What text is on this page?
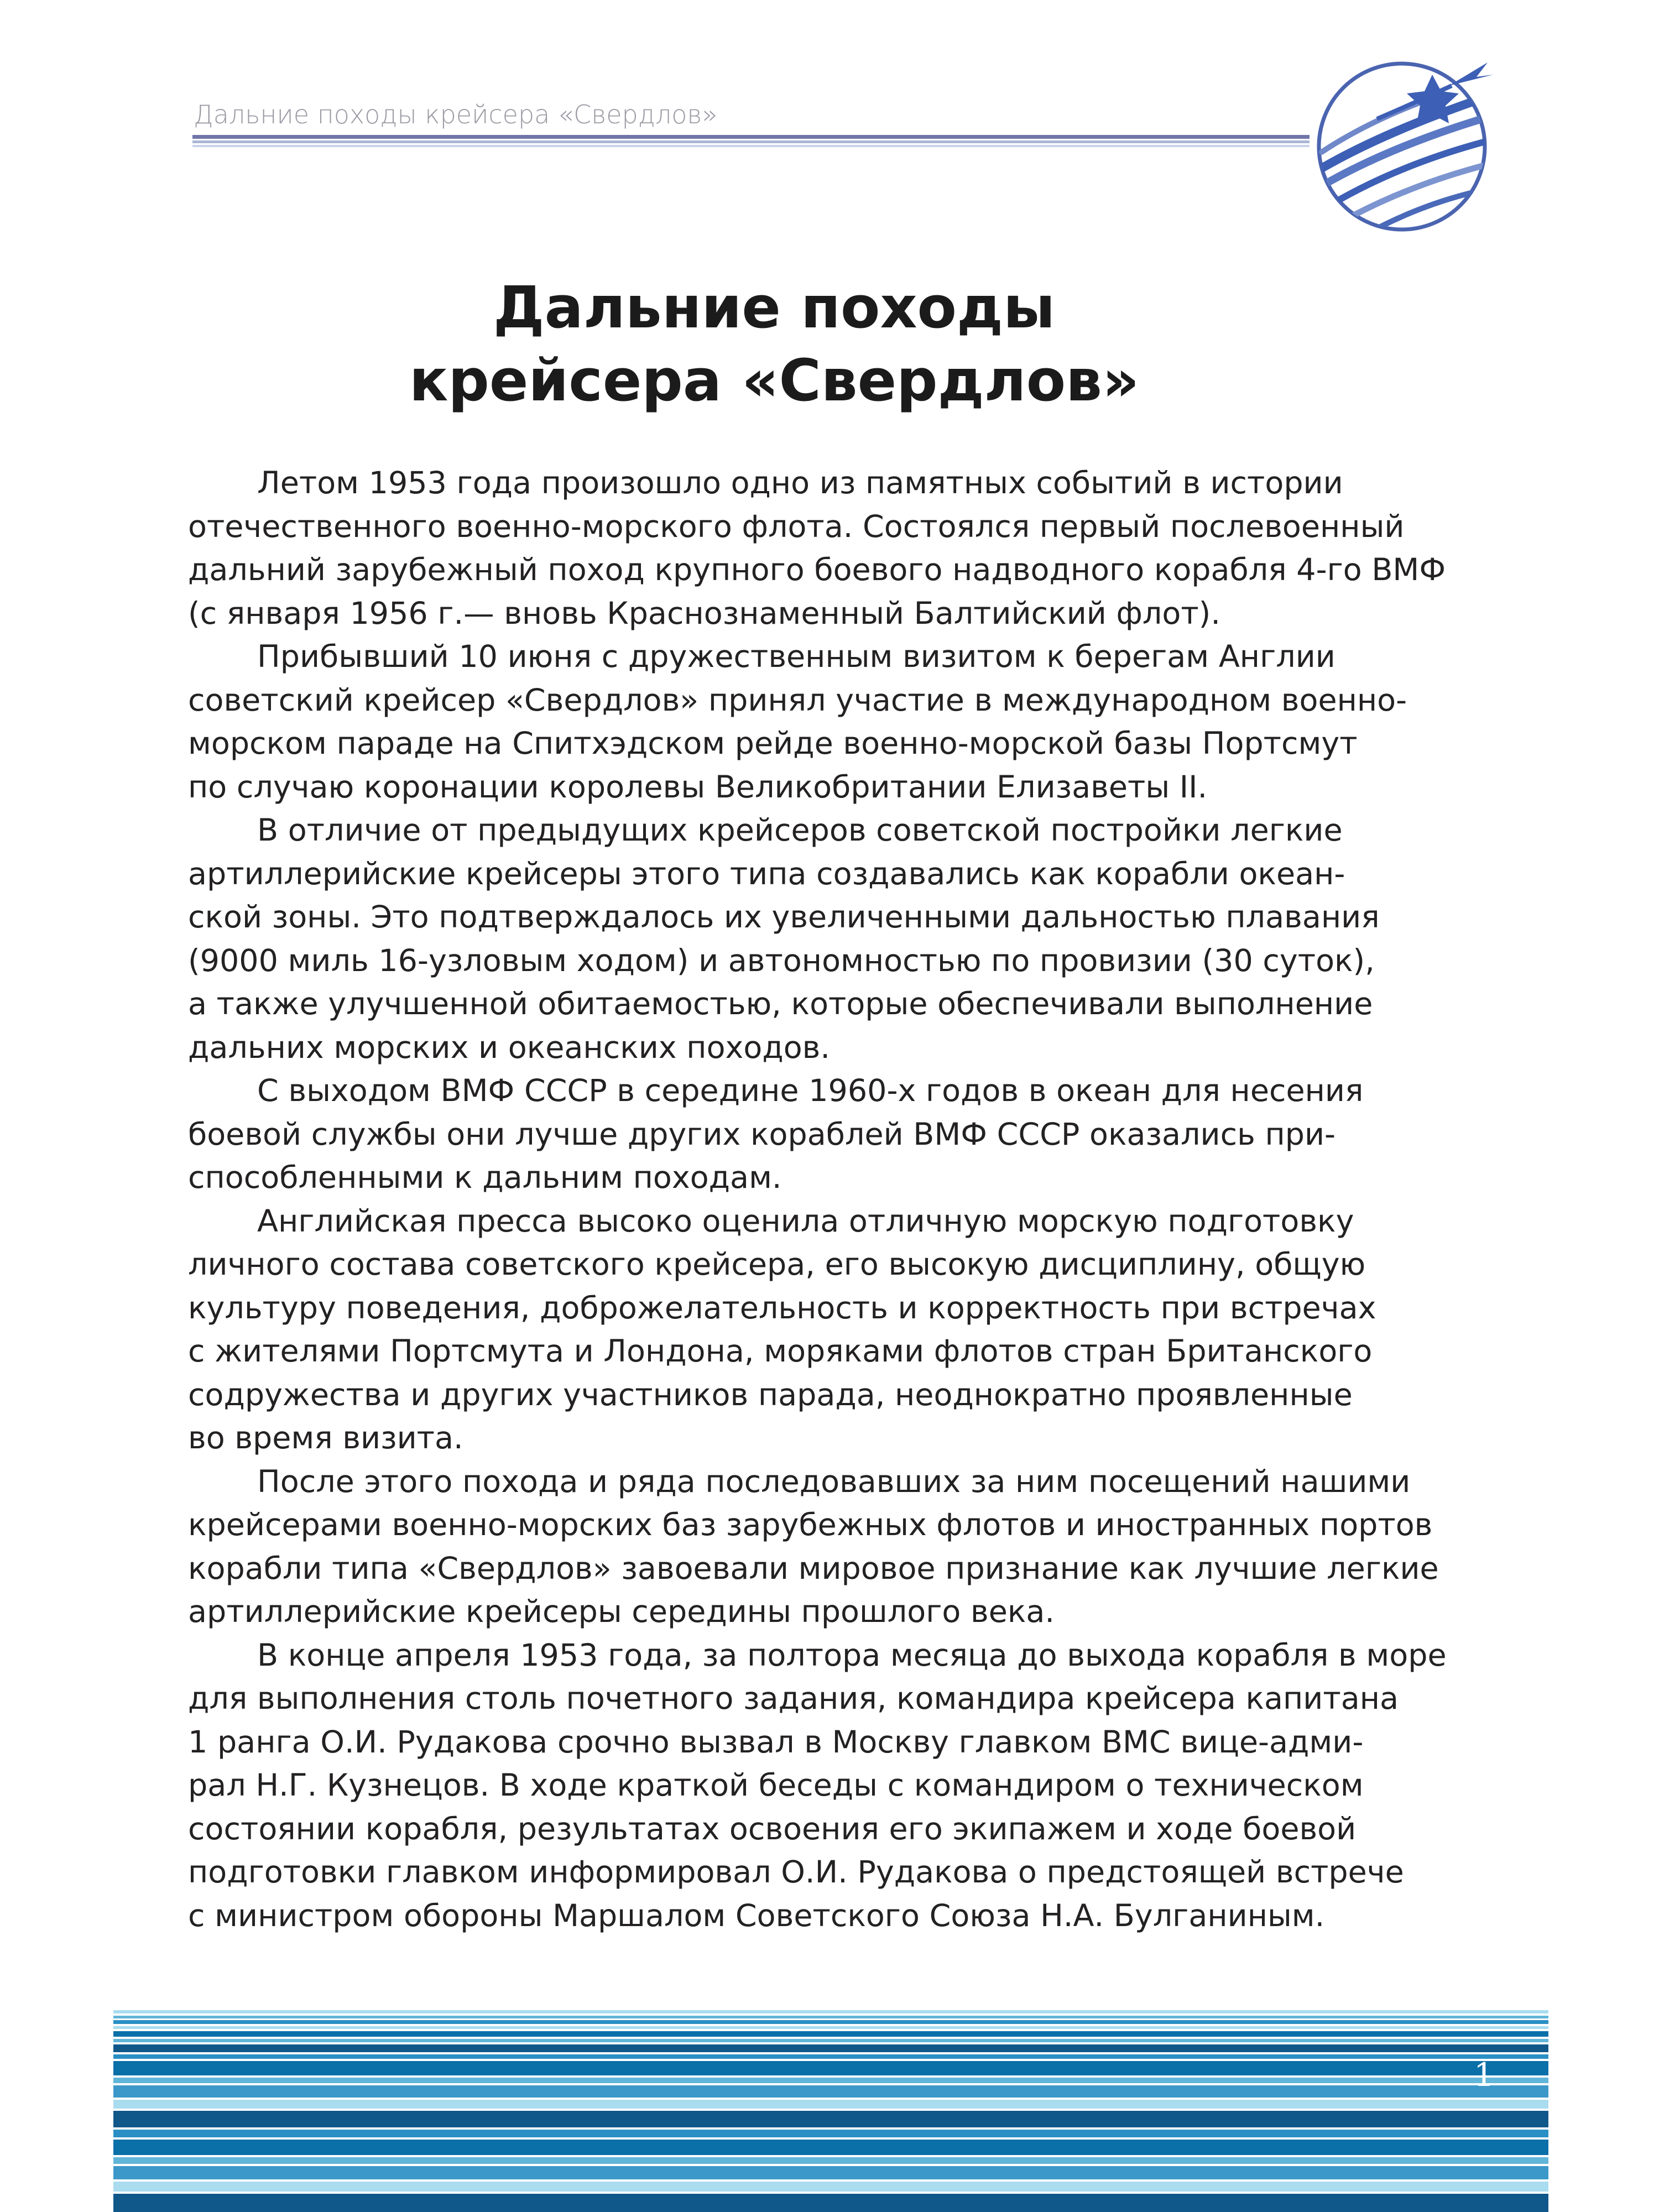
Дальние походы крейсера «Свердлов»
Дальние походы
крейсера «Свердлов»
Летом 1953 года произошло одно из памятных событий в истории
отечественного военно-морского флота. Состоялся первый послевоенный
дальний зарубежный поход крупного боевого надводного корабля 4-го ВМФ
(с января 1956 г.— вновь Краснознаменный Балтийский флот).
Прибывший 10 июня с дружественным визитом к берегам Англии
советский крейсер «Свердлов» принял участие в международном военно-
морском параде на Спитхэдском рейде военно-морской базы Портсмут
по случаю коронации королевы Великобритании Елизаветы II.
В отличие от предыдущих крейсеров советской постройки легкие
артиллерийские крейсеры этого типа создавались как корабли океан-
ской зоны. Это подтверждалось их увеличенными дальностью плавания
(9000 миль 16-узловым ходом) и автономностью по провизии (30 суток),
а также улучшенной обитаемостью, которые обеспечивали выполнение
дальних морских и океанских походов.
С выходом ВМФ СССР в середине 1960-х годов в океан для несения
боевой службы они лучше других кораблей ВМФ СССР оказались при-
способленными к дальним походам.
Английская пресса высоко оценила отличную морскую подготовку
личного состава советского крейсера, его высокую дисциплину, общую
культуру поведения, доброжелательность и корректность при встречах
с жителями Портсмута и Лондона, моряками флотов стран Британского
содружества и других участников парада, неоднократно проявленные
во время визита.
После этого похода и ряда последовавших за ним посещений нашими
крейсерами военно-морских баз зарубежных флотов и иностранных портов
корабли типа «Свердлов» завоевали мировое признание как лучшие легкие
артиллерийские крейсеры середины прошлого века.
В конце апреля 1953 года, за полтора месяца до выхода корабля в море
для выполнения столь почетного задания, командира крейсера капитана
1 ранга О.И. Рудакова срочно вызвал в Москву главком ВМС вице-адми-
рал Н.Г. Кузнецов. В ходе краткой беседы с командиром о техническом
состоянии корабля, результатах освоения его экипажем и ходе боевой
подготовки главком информировал О.И. Рудакова о предстоящей встрече
с министром обороны Маршалом Советского Союза Н.А. Булганиным.
1
